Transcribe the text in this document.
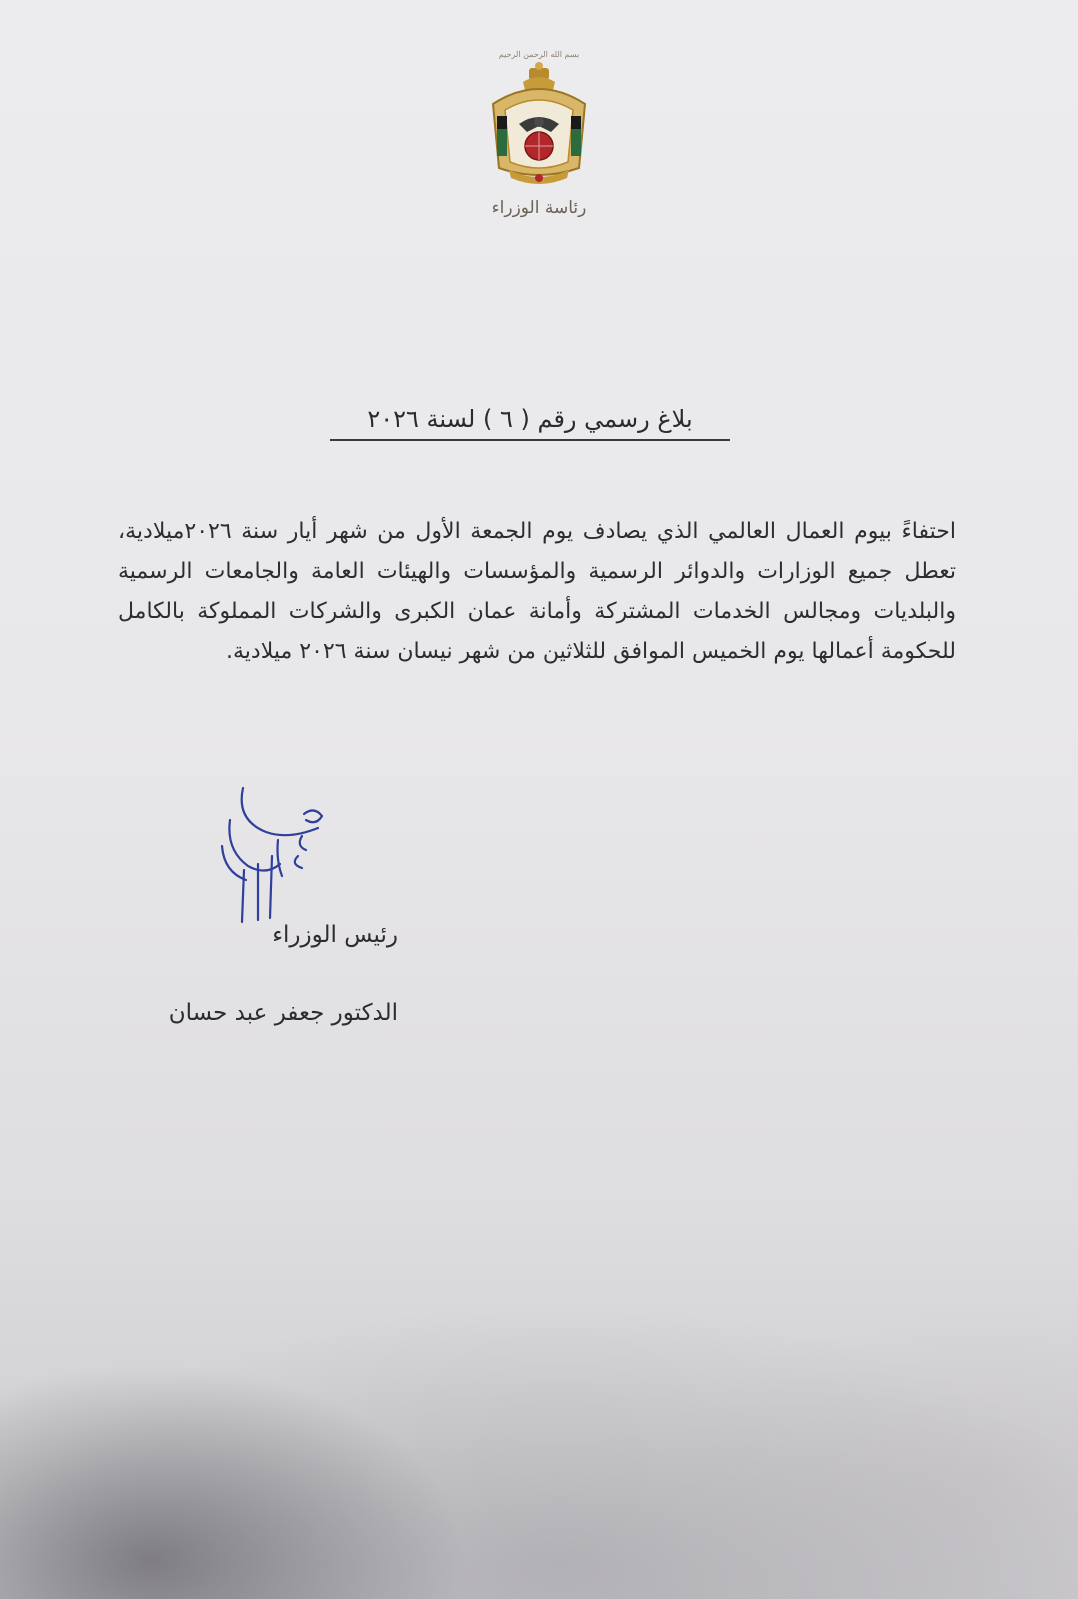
بسم الله الرحمن الرحيم
رئاسة الوزراء
بلاغ رسمي رقم ( ٦ ) لسنة ٢٠٢٦
احتفاءً بيوم العمال العالمي الذي يصادف يوم الجمعة الأول من شهر أيار سنة ٢٠٢٦ميلادية، تعطل جميع الوزارات والدوائر الرسمية والمؤسسات والهيئات العامة والجامعات الرسمية والبلديات ومجالس الخدمات المشتركة وأمانة عمان الكبرى والشركات المملوكة بالكامل للحكومة أعمالها يوم الخميس الموافق للثلاثين من شهر نيسان سنة ٢٠٢٦ ميلادية.
رئيس الوزراء
الدكتور جعفر عبد حسان
